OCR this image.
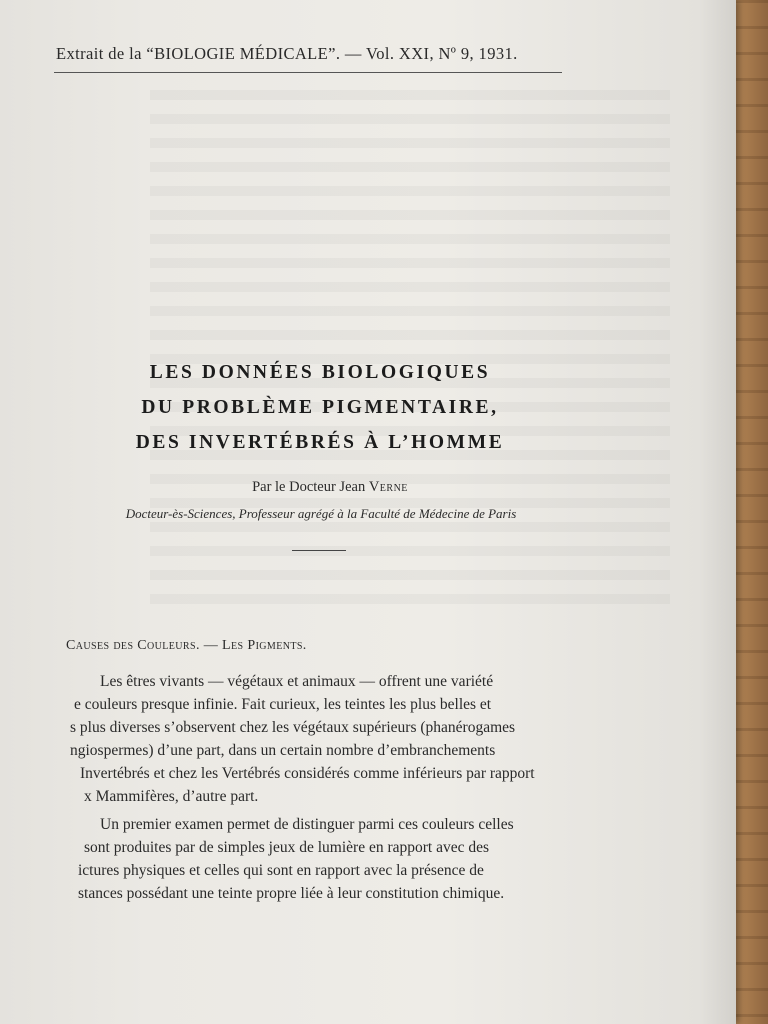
Extrait de la “BIOLOGIE MÉDICALE”. — Vol. XXI, Nº 9, 1931.
LES DONNÉES BIOLOGIQUES
DU PROBLÈME PIGMENTAIRE,
DES INVERTÉBRÉS À L’HOMME
Par le Docteur Jean Verne
Docteur-ès-Sciences, Professeur agrégé à la Faculté de Médecine de Paris
Causes des Couleurs. — Les Pigments.
Les êtres vivants — végétaux et animaux — offrent une variété
e couleurs presque infinie. Fait curieux, les teintes les plus belles et
s plus diverses s’observent chez les végétaux supérieurs (phanérogames
ngiospermes) d’une part, dans un certain nombre d’embranchements
Invertébrés et chez les Vertébrés considérés comme inférieurs par rapport
x Mammifères, d’autre part.
Un premier examen permet de distinguer parmi ces couleurs celles
sont produites par de simples jeux de lumière en rapport avec des
ictures physiques et celles qui sont en rapport avec la présence de
stances possédant une teinte propre liée à leur constitution chimique.
